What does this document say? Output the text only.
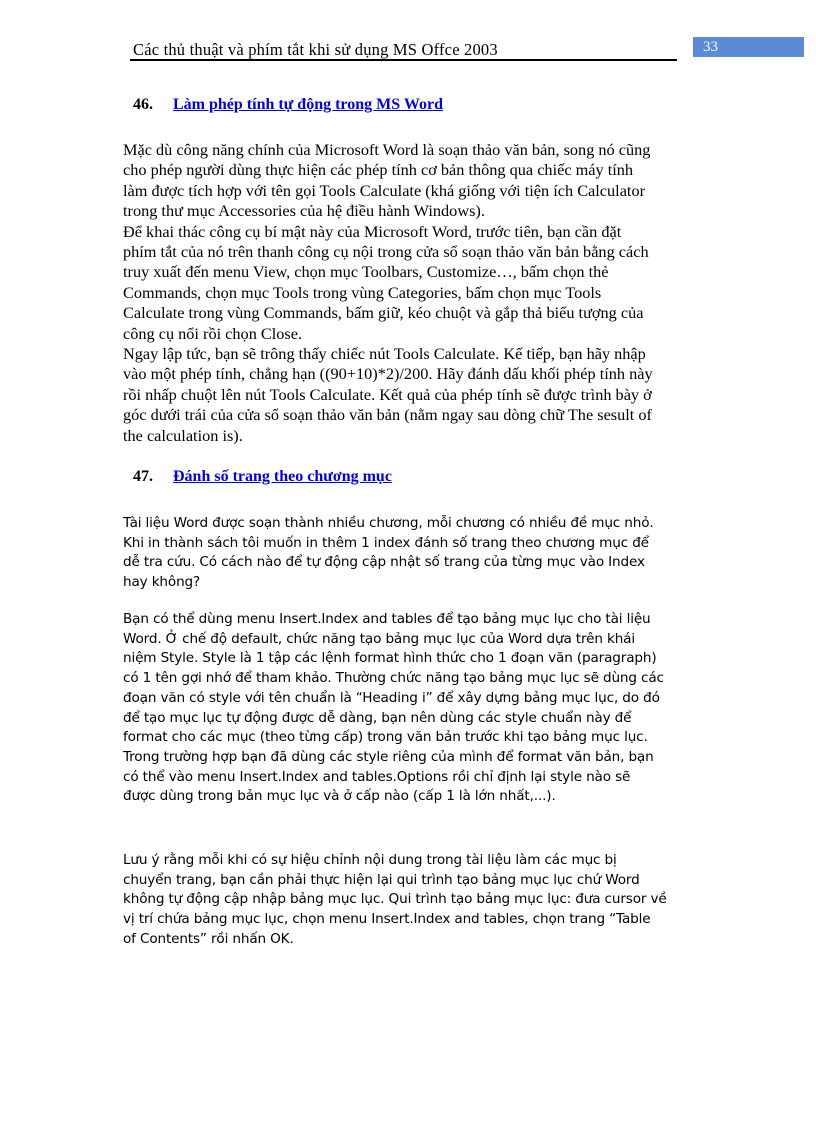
Các thủ thuật và phím tắt khi sử dụng MS Offce 2003	33
46. Làm phép tính tự động trong MS Word

Mặc dù công năng chính của Microsoft Word là soạn thảo văn bản, song nó cũng
cho phép người dùng thực hiện các phép tính cơ bản thông qua chiếc máy tính
làm được tích hợp với tên gọi Tools Calculate (khá giống với tiện ích Calculator
trong thư mục Accessories của hệ điều hành Windows).
Để khai thác công cụ bí mật này của Microsoft Word, trước tiên, bạn cần đặt
phím tắt của nó trên thanh công cụ nội trong cửa sổ soạn thảo văn bản bằng cách
truy xuất đến menu View, chọn mục Toolbars, Customize…, bấm chọn thẻ
Commands, chọn mục Tools trong vùng Categories, bấm chọn mục Tools
Calculate trong vùng Commands, bấm giữ, kéo chuột và gắp thả biểu tượng của
công cụ nổi rồi chọn Close.
Ngay lập tức, bạn sẽ trông thấy chiếc nút Tools Calculate. Kế tiếp, bạn hãy nhập
vào một phép tính, chẳng hạn ((90+10)*2)/200. Hãy đánh dấu khối phép tính này
rồi nhấp chuột lên nút Tools Calculate. Kết quả của phép tính sẽ được trình bày ở
góc dưới trái của cửa sổ soạn thảo văn bản (nằm ngay sau dòng chữ The sesult of
the calculation is).

47. Đánh số trang theo chương mục

Tài liệu Word được soạn thành nhiều chương, mỗi chương có nhiều đề mục nhỏ.
Khi in thành sách tôi muốn in thêm 1 index đánh số trang theo chương mục để
dễ tra cứu. Có cách nào để tự động cập nhật số trang của từng mục vào Index
hay không?

Bạn có thể dùng menu Insert.Index and tables để tạo bảng mục lục cho tài liệu
Word. Ở chế độ default, chức năng tạo bảng mục lục của Word dựa trên khái
niệm Style. Style là 1 tập các lệnh format hình thức cho 1 đoạn văn (paragraph)
có 1 tên gợi nhớ để tham khảo. Thường chức năng tạo bảng mục lục sẽ dùng các
đoạn văn có style với tên chuẩn là “Heading i” để xây dựng bảng mục lục, do đó
để tạo mục lục tự động được dễ dàng, bạn nên dùng các style chuẩn này để
format cho các mục (theo từng cấp) trong văn bản trước khi tạo bảng mục lục.
Trong trường hợp bạn đã dùng các style riêng của mình để format văn bản, bạn
có thể vào menu Insert.Index and tables.Options rồi chỉ định lại style nào sẽ
được dùng trong bản mục lục và ở cấp nào (cấp 1 là lớn nhất,...).

Lưu ý rằng mỗi khi có sự hiệu chỉnh nội dung trong tài liệu làm các mục bị
chuyển trang, bạn cần phải thực hiện lại qui trình tạo bảng mục lục chứ Word
không tự động cập nhập bảng mục lục. Qui trình tạo bảng mục lục: đưa cursor về
vị trí chứa bảng mục lục, chọn menu Insert.Index and tables, chọn trang “Table
of Contents” rồi nhấn OK.
